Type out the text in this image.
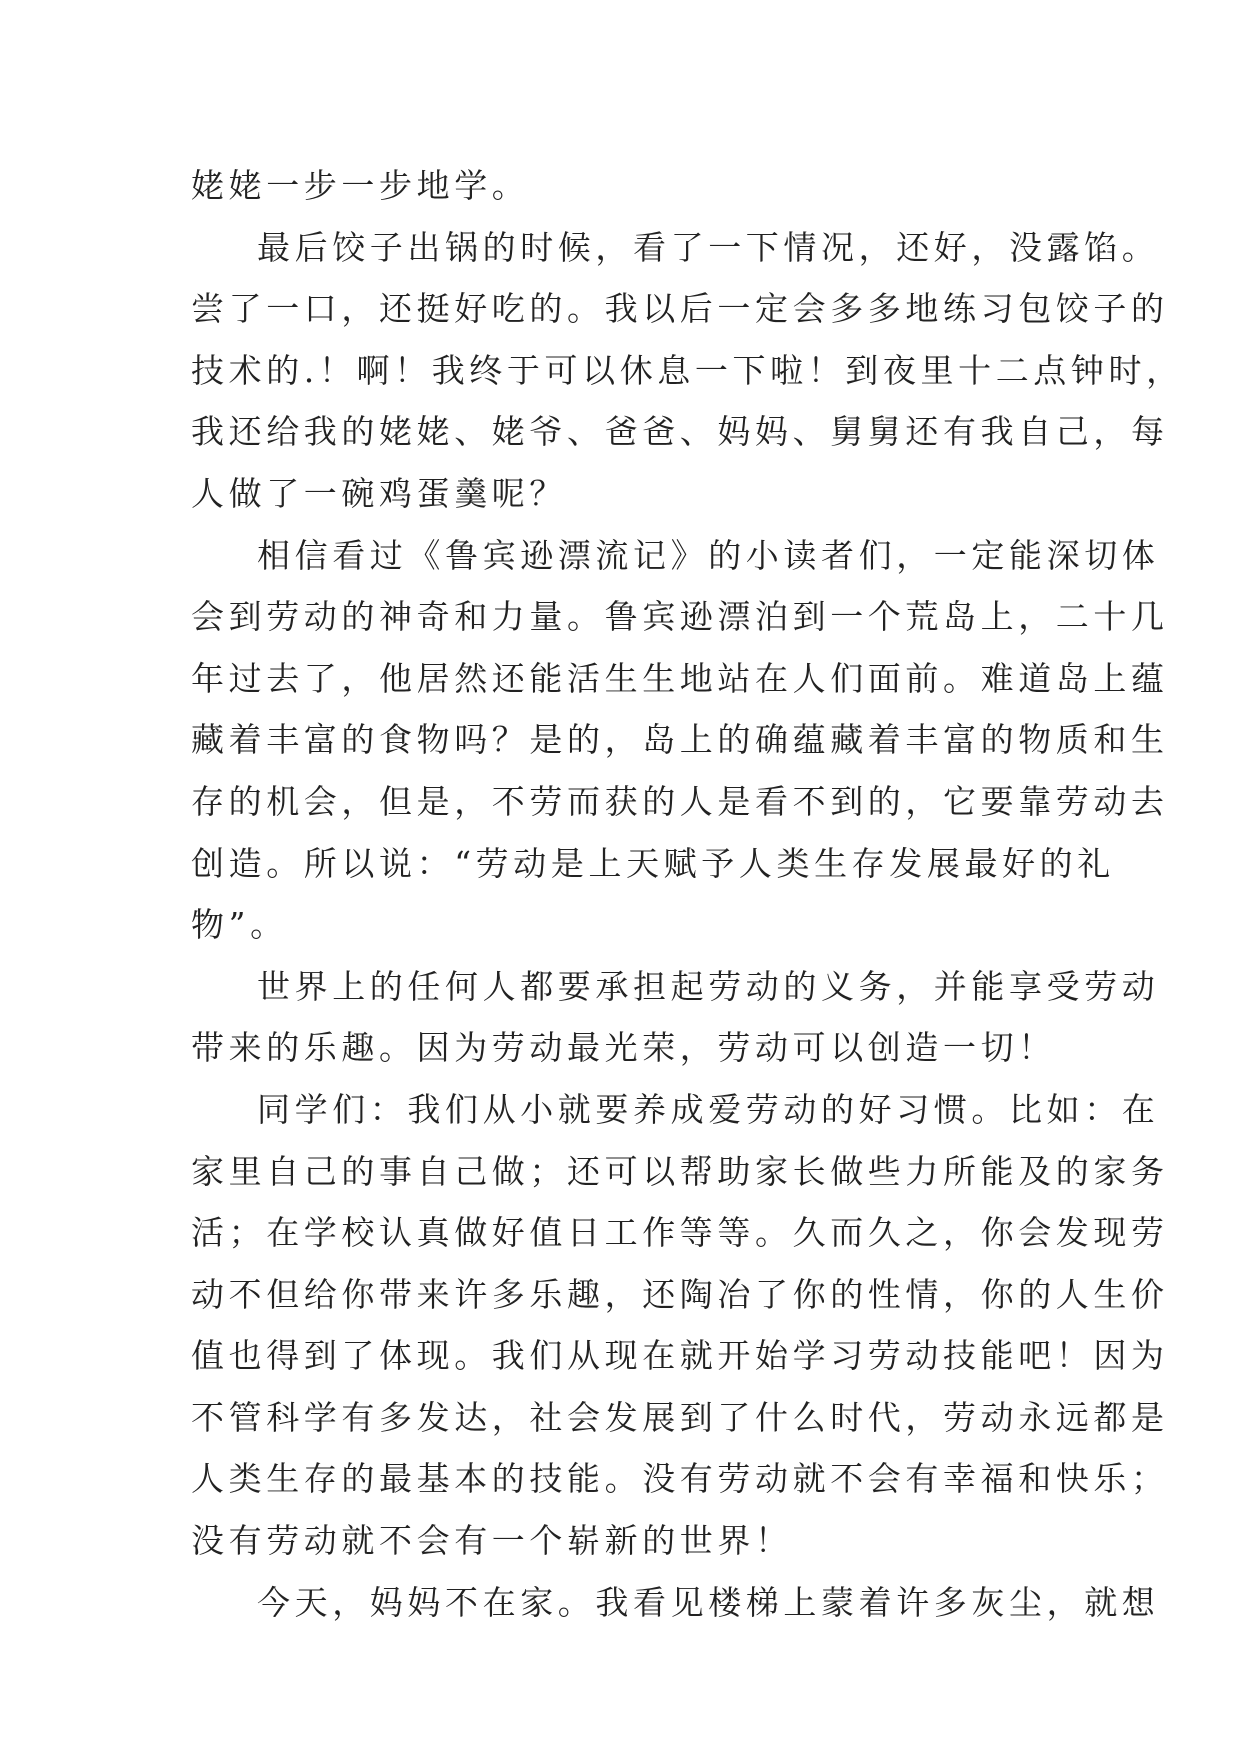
姥姥一步一步地学。

最后饺子出锅的时候，看了一下情况，还好，没露馅。
尝了一口，还挺好吃的。我以后一定会多多地练习包饺子的
技术的.！啊！我终于可以休息一下啦！到夜里十二点钟时，
我还给我的姥姥、姥爷、爸爸、妈妈、舅舅还有我自己，每
人做了一碗鸡蛋羹呢？

相信看过《鲁宾逊漂流记》的小读者们，一定能深切体
会到劳动的神奇和力量。鲁宾逊漂泊到一个荒岛上，二十几
年过去了，他居然还能活生生地站在人们面前。难道岛上蕴
藏着丰富的食物吗？是的，岛上的确蕴藏着丰富的物质和生
存的机会，但是，不劳而获的人是看不到的，它要靠劳动去
创造。所以说：“劳动是上天赋予人类生存发展最好的礼
物”。

世界上的任何人都要承担起劳动的义务，并能享受劳动
带来的乐趣。因为劳动最光荣，劳动可以创造一切！

同学们：我们从小就要养成爱劳动的好习惯。比如：在
家里自己的事自己做；还可以帮助家长做些力所能及的家务
活；在学校认真做好值日工作等等。久而久之，你会发现劳
动不但给你带来许多乐趣，还陶冶了你的性情，你的人生价
值也得到了体现。我们从现在就开始学习劳动技能吧！因为
不管科学有多发达，社会发展到了什么时代，劳动永远都是
人类生存的最基本的技能。没有劳动就不会有幸福和快乐；
没有劳动就不会有一个崭新的世界！

今天，妈妈不在家。我看见楼梯上蒙着许多灰尘，就想
